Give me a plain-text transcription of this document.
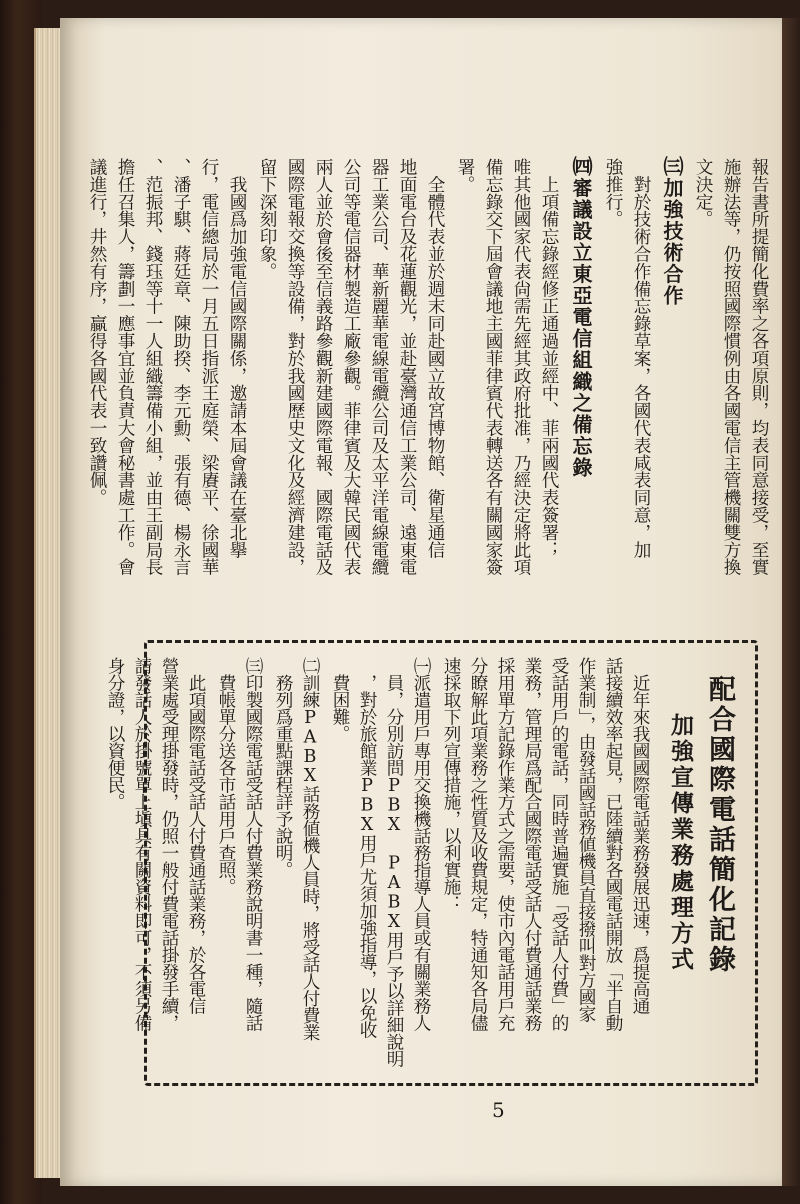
報告書所提簡化費率之各項原則，均表同意接受，至實
施辦法等，仍按照國際慣例由各國電信主管機關雙方換
文決定。
㈢加強技術合作
　對於技術合作備忘錄草案，各國代表咸表同意，加
強推行。
㈣審議設立東亞電信組織之備忘錄
　上項備忘錄經修正通過並經中、菲兩國代表簽署；
唯其他國家代表尙需先經其政府批准，乃經決定將此項
備忘錄交下屆會議地主國菲律賓代表轉送各有關國家簽
署。
　全體代表並於週末同赴國立故宮博物館、衛星通信
地面電台及花蓮觀光，並赴臺灣通信工業公司、遠東電
器工業公司、華新麗華電線電纜公司及太平洋電線電纜
公司等電信器材製造工廠參觀。菲律賓及大韓民國代表
兩人並於會後至信義路參觀新建國際電報、國際電話及
國際電報交換等設備，對於我國歷史文化及經濟建設，
留下深刻印象。
　我國爲加強電信國際關係，邀請本屆會議在臺北擧
行，電信總局於一月五日指派王庭榮、梁賡平、徐國華
、潘子騏、蔣廷章、陳助揆、李元勳、張有德、楊永言
、范振邦、錢珏等十一人組織籌備小組，並由王副局長
擔任召集人，籌劃一應事宜並負責大會秘書處工作。會
議進行，井然有序，贏得各國代表一致讚佩。
5
配合國際電話簡化記錄
加強宣傳業務處理方式
　近年來我國國際電話業務發展迅速，爲提高通
話接續效率起見，已陸續對各國電話開放「半自動
作業制」，由發話國話務値機員直接撥叫對方國家
受話用戶的電話，同時普遍實施「受話人付費」的
業務，管理局爲配合國際電話受話人付費通話業務
採用單方記錄作業方式之需要，使市內電話用戶充
分瞭解此項業務之性質及收費規定，特通知各局儘
速採取下列宣傳措施，以利實施：
㈠派遣用戶專用交換機話務指導人員或有關業務人
　員，分別訪問PBX PABX用戶予以詳細說明
　，對於旅館業PBX用戶尤須加強指導，以免收
　費困難。
㈡訓練PABX話務値機人員時，將受話人付費業
　務列爲重點課程詳予說明。
㈢印製國際電話受話人付費業務說明書一種，隨話
　費帳單分送各市話用戶查照。
　此項國際電話受話人付費通話業務，於各電信
營業處受理掛發時，仍照一般付費電話掛發手續，
請發話人於掛號單上塡具有關資料即可，不須另備
身分證，以資便民。
